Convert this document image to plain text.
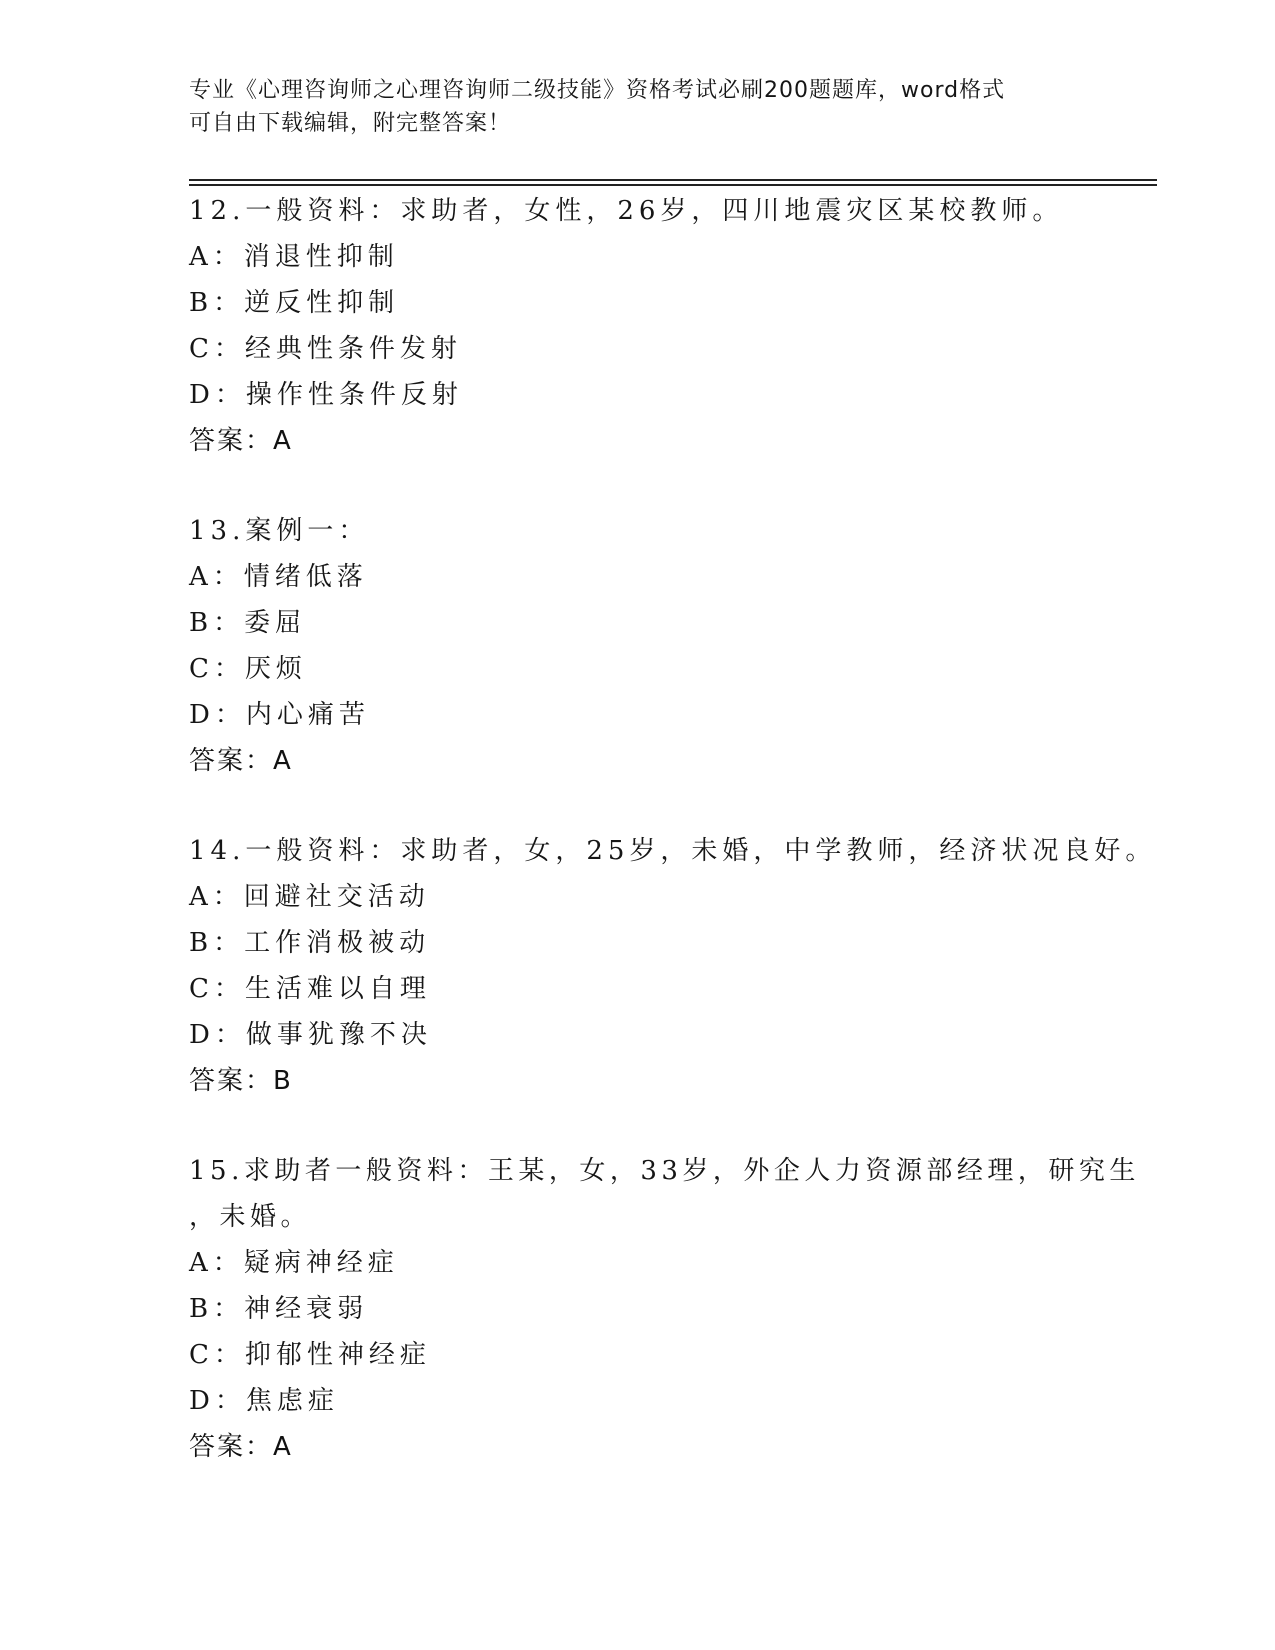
专业《心理咨询师之心理咨询师二级技能》资格考试必刷200题题库，word格式
可自由下载编辑，附完整答案！
12.一般资料：求助者，女性，26岁，四川地震灾区某校教师。
A：消退性抑制
B：逆反性抑制
C：经典性条件发射
D：操作性条件反射
答案：A
13.案例一：
A：情绪低落
B：委屈
C：厌烦
D：内心痛苦
答案：A
14.一般资料：求助者，女，25岁，未婚，中学教师，经济状况良好。
A：回避社交活动
B：工作消极被动
C：生活难以自理
D：做事犹豫不决
答案：B
15.求助者一般资料：王某，女，33岁，外企人力资源部经理，研究生
，未婚。
A：疑病神经症
B：神经衰弱
C：抑郁性神经症
D：焦虑症
答案：A
